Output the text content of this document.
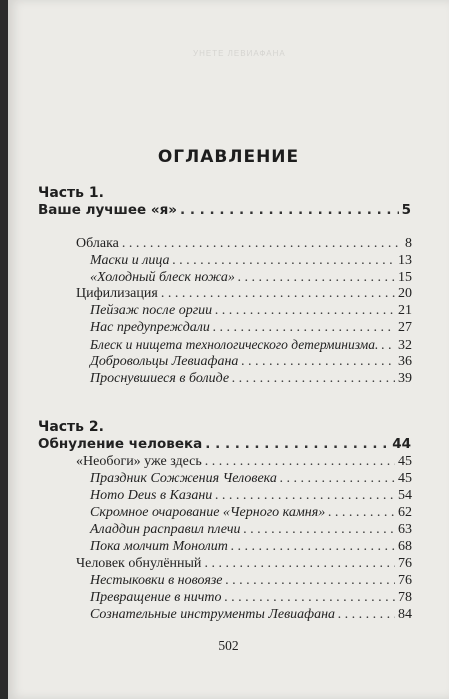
УНЕТЕ ЛЕВИАФАНА
ОГЛАВЛЕНИЕ
Часть 1.
Ваше лучшее «я» . . .	5
Облака . . .	8
Маски и лица . . .	13
«Холодный блеск ножа» . . .	15
Цифилизация . . .	20
Пейзаж после оргии . . .	21
Нас предупреждали . . .	27
Блеск и нищета технологического детерминизма. . . . 32
Добровольцы Левиафана . . .	36
Проснувшиеся в болиде . . .	39
Часть 2.
Обнуление человека . . .	44
«Необоги» уже здесь . . .	45
Праздник Сожжения Человека . . .	45
Homo Deus в Казани . . .	54
Скромное очарование «Черного камня» . . .	62
Аладдин расправил плечи . . .	63
Пока молчит Монолит . . .	68
Человек обнулённый . . .	76
Нестыковки в новоязе . . .	76
Превращение в ничто . . .	78
Сознательные инструменты Левиафана . . .	84
502
